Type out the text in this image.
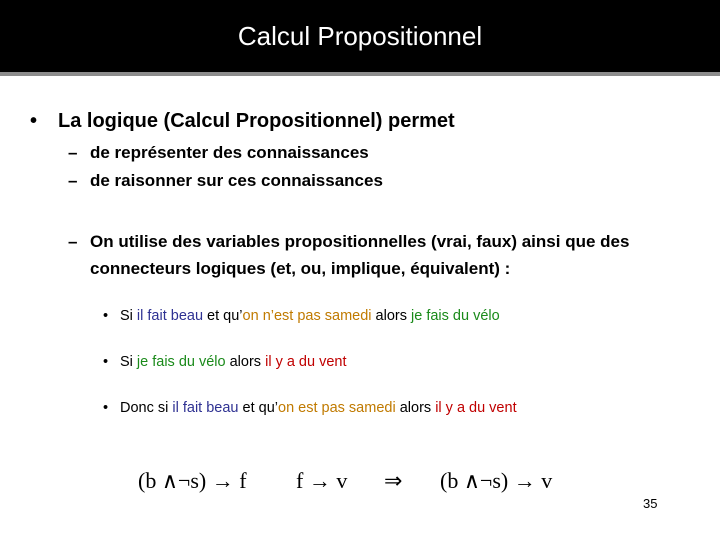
Calcul Propositionnel
• La logique (Calcul Propositionnel) permet
– de représenter des connaissances
– de raisonner sur ces connaissances
– On utilise des variables propositionnelles (vrai, faux) ainsi que des connecteurs logiques (et, ou, implique, équivalent) :
• Si il fait beau et qu’on n’est pas samedi alors je fais du vélo
• Si je fais du vélo alors il y a du vent
• Donc si il fait beau et qu’on est pas samedi alors il y a du vent
(b ∧¬s) → f f → v ⇒ (b ∧¬s) → v
35
